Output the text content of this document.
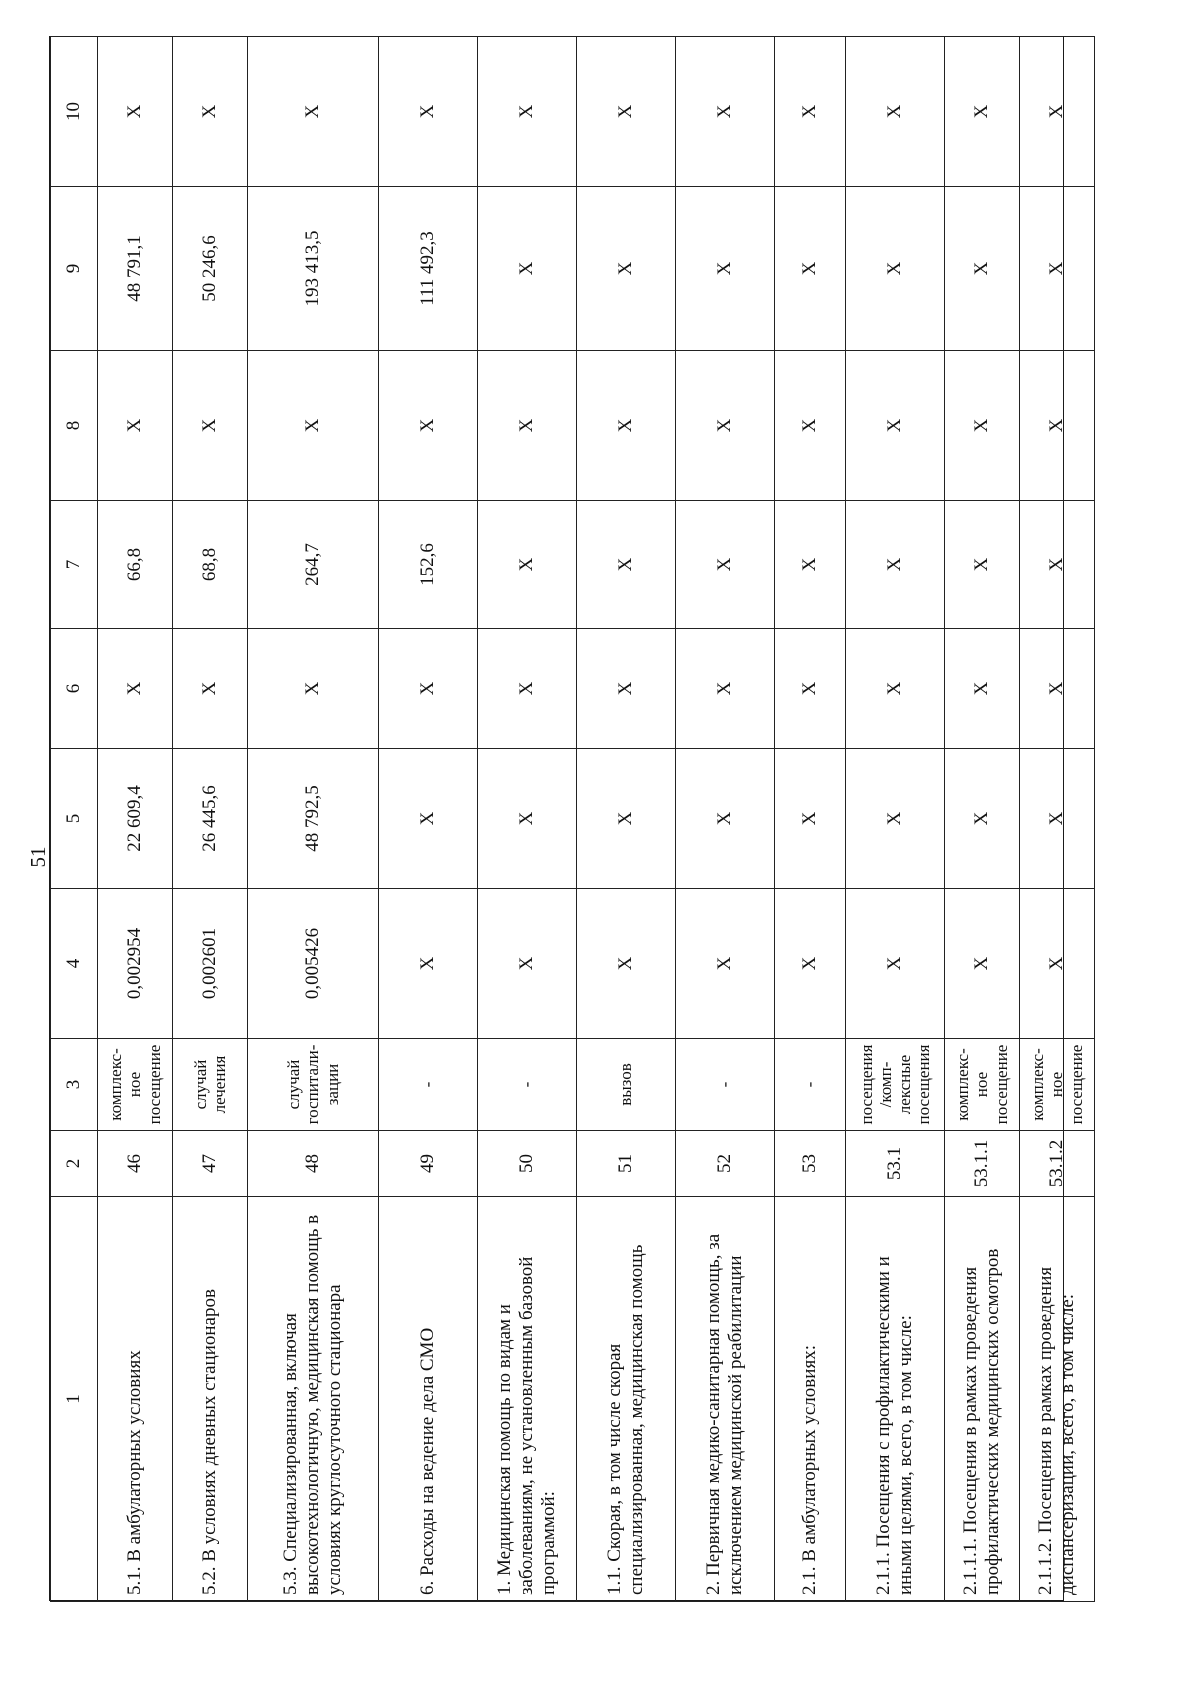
51
1	2	3	4	5	6	7	8	9	10
5.1. В амбулаторных условиях	46	комплекс-ное посещение	0,002954	22 609,4	X	66,8	X	48 791,1	X
5.2. В условиях дневных стационаров	47	случай лечения	0,002601	26 445,6	X	68,8	X	50 246,6	X
5.3. Специализированная, включая высокотехнологичную, медицинская помощь в условиях круглосуточного стационара	48	случай госпитали-зации	0,005426	48 792,5	X	264,7	X	193 413,5	X
6. Расходы на ведение дела СМО	49	-	X	X	X	152,6	X	111 492,3	X
1. Медицинская помощь по видам и заболеваниям, не установленным базовой программой:	50	-	X	X	X	X	X	X	X
1.1. Скорая, в том числе скорая специализированная, медицинская помощь	51	вызов	X	X	X	X	X	X	X
2. Первичная медико-санитарная помощь, за исключением медицинской реабилитации	52	-	X	X	X	X	X	X	X
2.1. В амбулаторных условиях:	53	-	X	X	X	X	X	X	X
2.1.1. Посещения с профилактическими и иными целями, всего, в том числе:	53.1	посещения /комп-лексные посещения	X	X	X	X	X	X	X
2.1.1.1. Посещения в рамках проведения профилактических медицинских осмотров	53.1.1	комплекс-ное посещение	X	X	X	X	X	X	X
2.1.1.2. Посещения в рамках проведения диспансеризации, всего, в том числе:	53.1.2	комплекс-ное посещение	X	X	X	X	X	X	X
